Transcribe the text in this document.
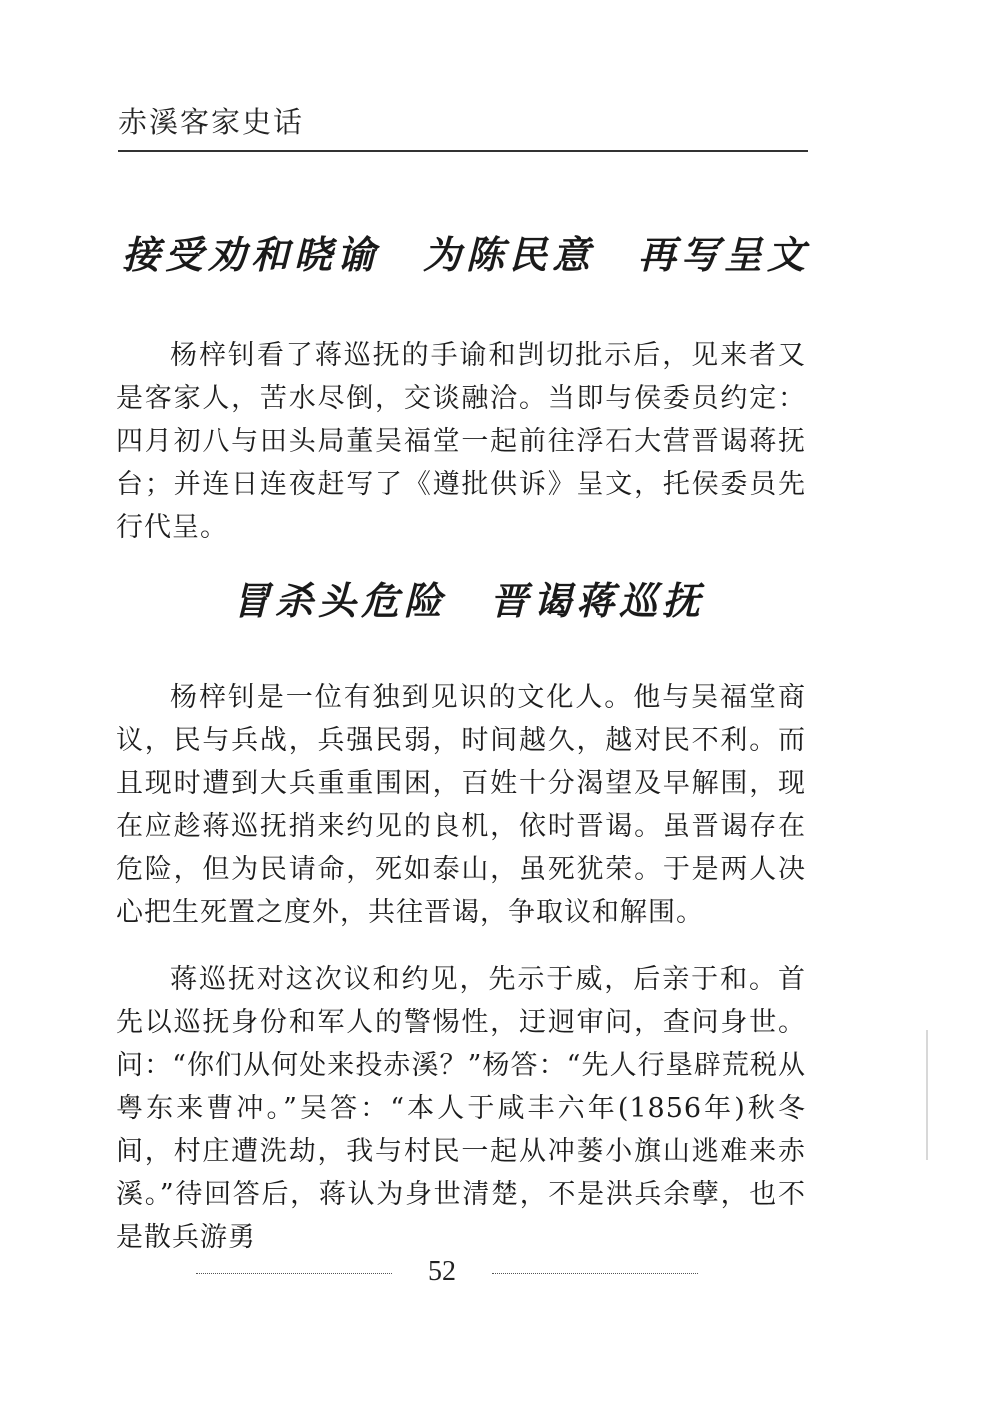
赤溪客家史话
接受劝和晓谕　为陈民意　再写呈文

杨梓钊看了蒋巡抚的手谕和剀切批示后，见来者又是客家人，苦水尽倒，交谈融洽。当即与侯委员约定：四月初八与田头局董吴福堂一起前往浮石大营晋谒蒋抚台；并连日连夜赶写了《遵批供诉》呈文，托侯委员先行代呈。

冒杀头危险　晋谒蒋巡抚

杨梓钊是一位有独到见识的文化人。他与吴福堂商议，民与兵战，兵强民弱，时间越久，越对民不利。而且现时遭到大兵重重围困，百姓十分渴望及早解围，现在应趁蒋巡抚捎来约见的良机，依时晋谒。虽晋谒存在危险，但为民请命，死如泰山，虽死犹荣。于是两人决心把生死置之度外，共往晋谒，争取议和解围。

蒋巡抚对这次议和约见，先示于威，后亲于和。首先以巡抚身份和军人的警惕性，迂迥审问，查问身世。问：“你们从何处来投赤溪？”杨答：“先人行垦辟荒税从粤东来曹冲。”吴答：“本人于咸丰六年(1856年)秋冬间，村庄遭洗劫，我与村民一起从冲蒌小旗山逃难来赤溪。”待回答后，蒋认为身世清楚，不是洪兵余孽，也不是散兵游勇

52
